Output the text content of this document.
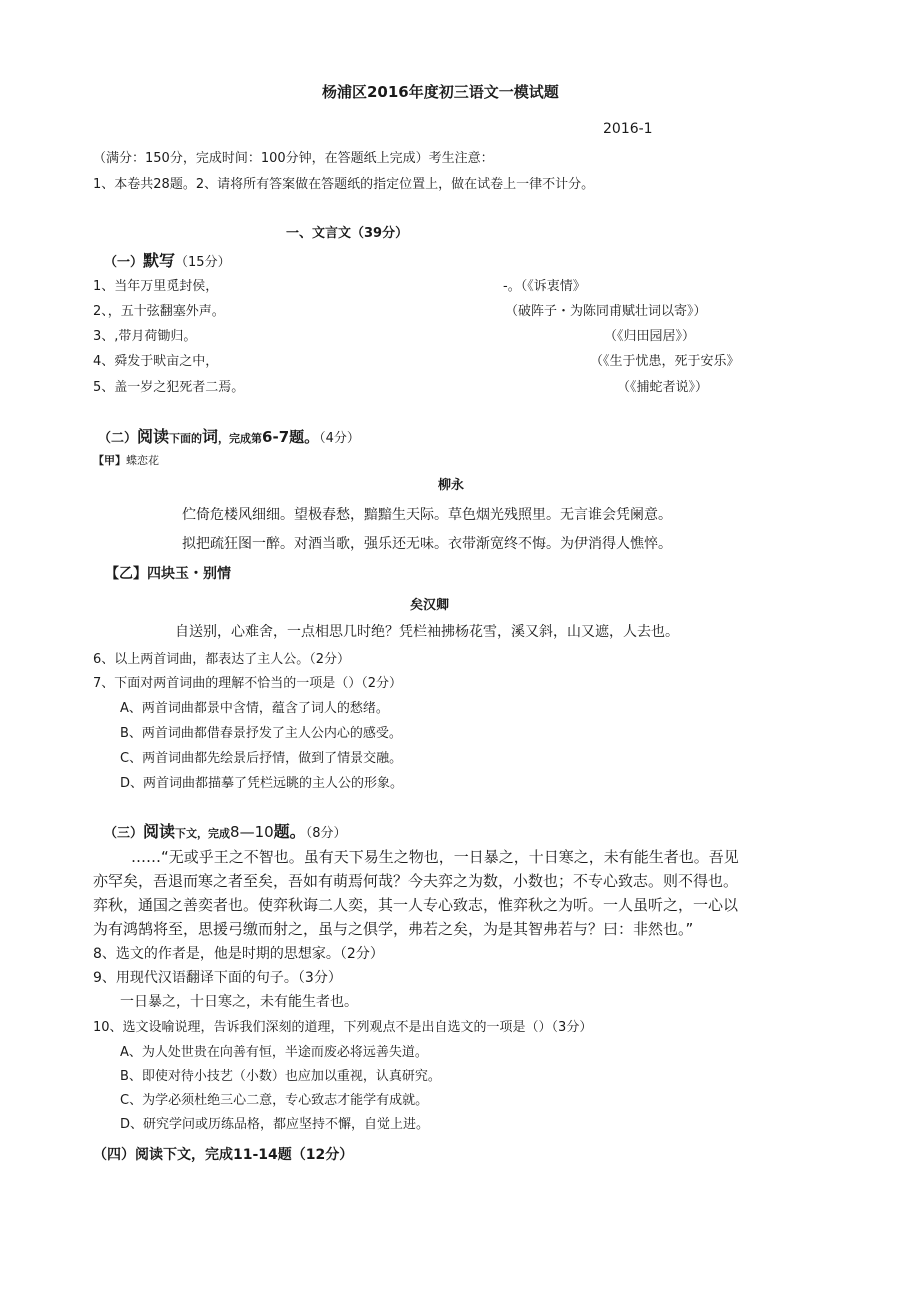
杨浦区2016年度初三语文一模试题
2016-1
（满分：150分，完成时间：100分钟，在答题纸上完成）考生注意：
1、本卷共28题。2、请将所有答案做在答题纸的指定位置上，做在试卷上一律不计分。
一、文言文（39分）
（一）默写（15分）
1、当年万里觅封侯，	-。（《诉衷情》
2、，五十弦翻塞外声。	（破阵子・为陈同甫赋壮词以寄》）
3、,带月荷锄归。	（《归田园居》）
4、舜发于畎亩之中，	（《生于忧患，死于安乐》
5、盖一岁之犯死者二焉。	（《捕蛇者说》）
（二）阅读下面的词，完成第6-7题。（4分）
【甲】蝶恋花
柳永
伫倚危楼风细细。望极春愁，黯黯生天际。草色烟光残照里。无言谁会凭阑意。
拟把疏狂图一醉。对酒当歌，强乐还无味。衣带渐宽终不悔。为伊消得人憔悴。
【乙】四块玉・别情
矣汉卿
自送别，心难舍，一点相思几时绝？凭栏袖拂杨花雪，溪又斜，山又遮，人去也。
6、以上两首词曲，都表达了主人公。（2分）
7、下面对两首词曲的理解不恰当的一项是（）（2分）
A、两首词曲都景中含情，蕴含了词人的愁绪。
B、两首词曲都借春景抒发了主人公内心的感受。
C、两首词曲都先绘景后抒情，做到了情景交融。
D、两首词曲都描摹了凭栏远眺的主人公的形象。
（三）阅读下文，完成8—10题。（8分）
……“无或乎王之不智也。虽有天下易生之物也，一日暴之，十日寒之，未有能生者也。吾见
亦罕矣，吾退而寒之者至矣，吾如有萌焉何哉？今夫弈之为数，小数也；不专心致志。则不得也。
弈秋，通国之善奕者也。使弈秋诲二人奕，其一人专心致志，惟弈秋之为听。一人虽听之，一心以
为有鸿鹄将至，思援弓缴而射之，虽与之俱学，弗若之矣，为是其智弗若与？曰：非然也。”
8、选文的作者是，他是时期的思想家。（2分）
9、用现代汉语翻译下面的句子。（3分）
一日暴之，十日寒之，未有能生者也。
10、选文设喻说理，告诉我们深刻的道理，下列观点不是出自选文的一项是（）（3分）
A、为人处世贵在向善有恒，半途而废必将远善失道。
B、即使对待小技艺（小数）也应加以重视，认真研究。
C、为学必须杜绝三心二意，专心致志才能学有成就。
D、研究学问或历练品格，都应坚持不懈，自觉上进。
（四）阅读下文，完成11-14题（12分）
